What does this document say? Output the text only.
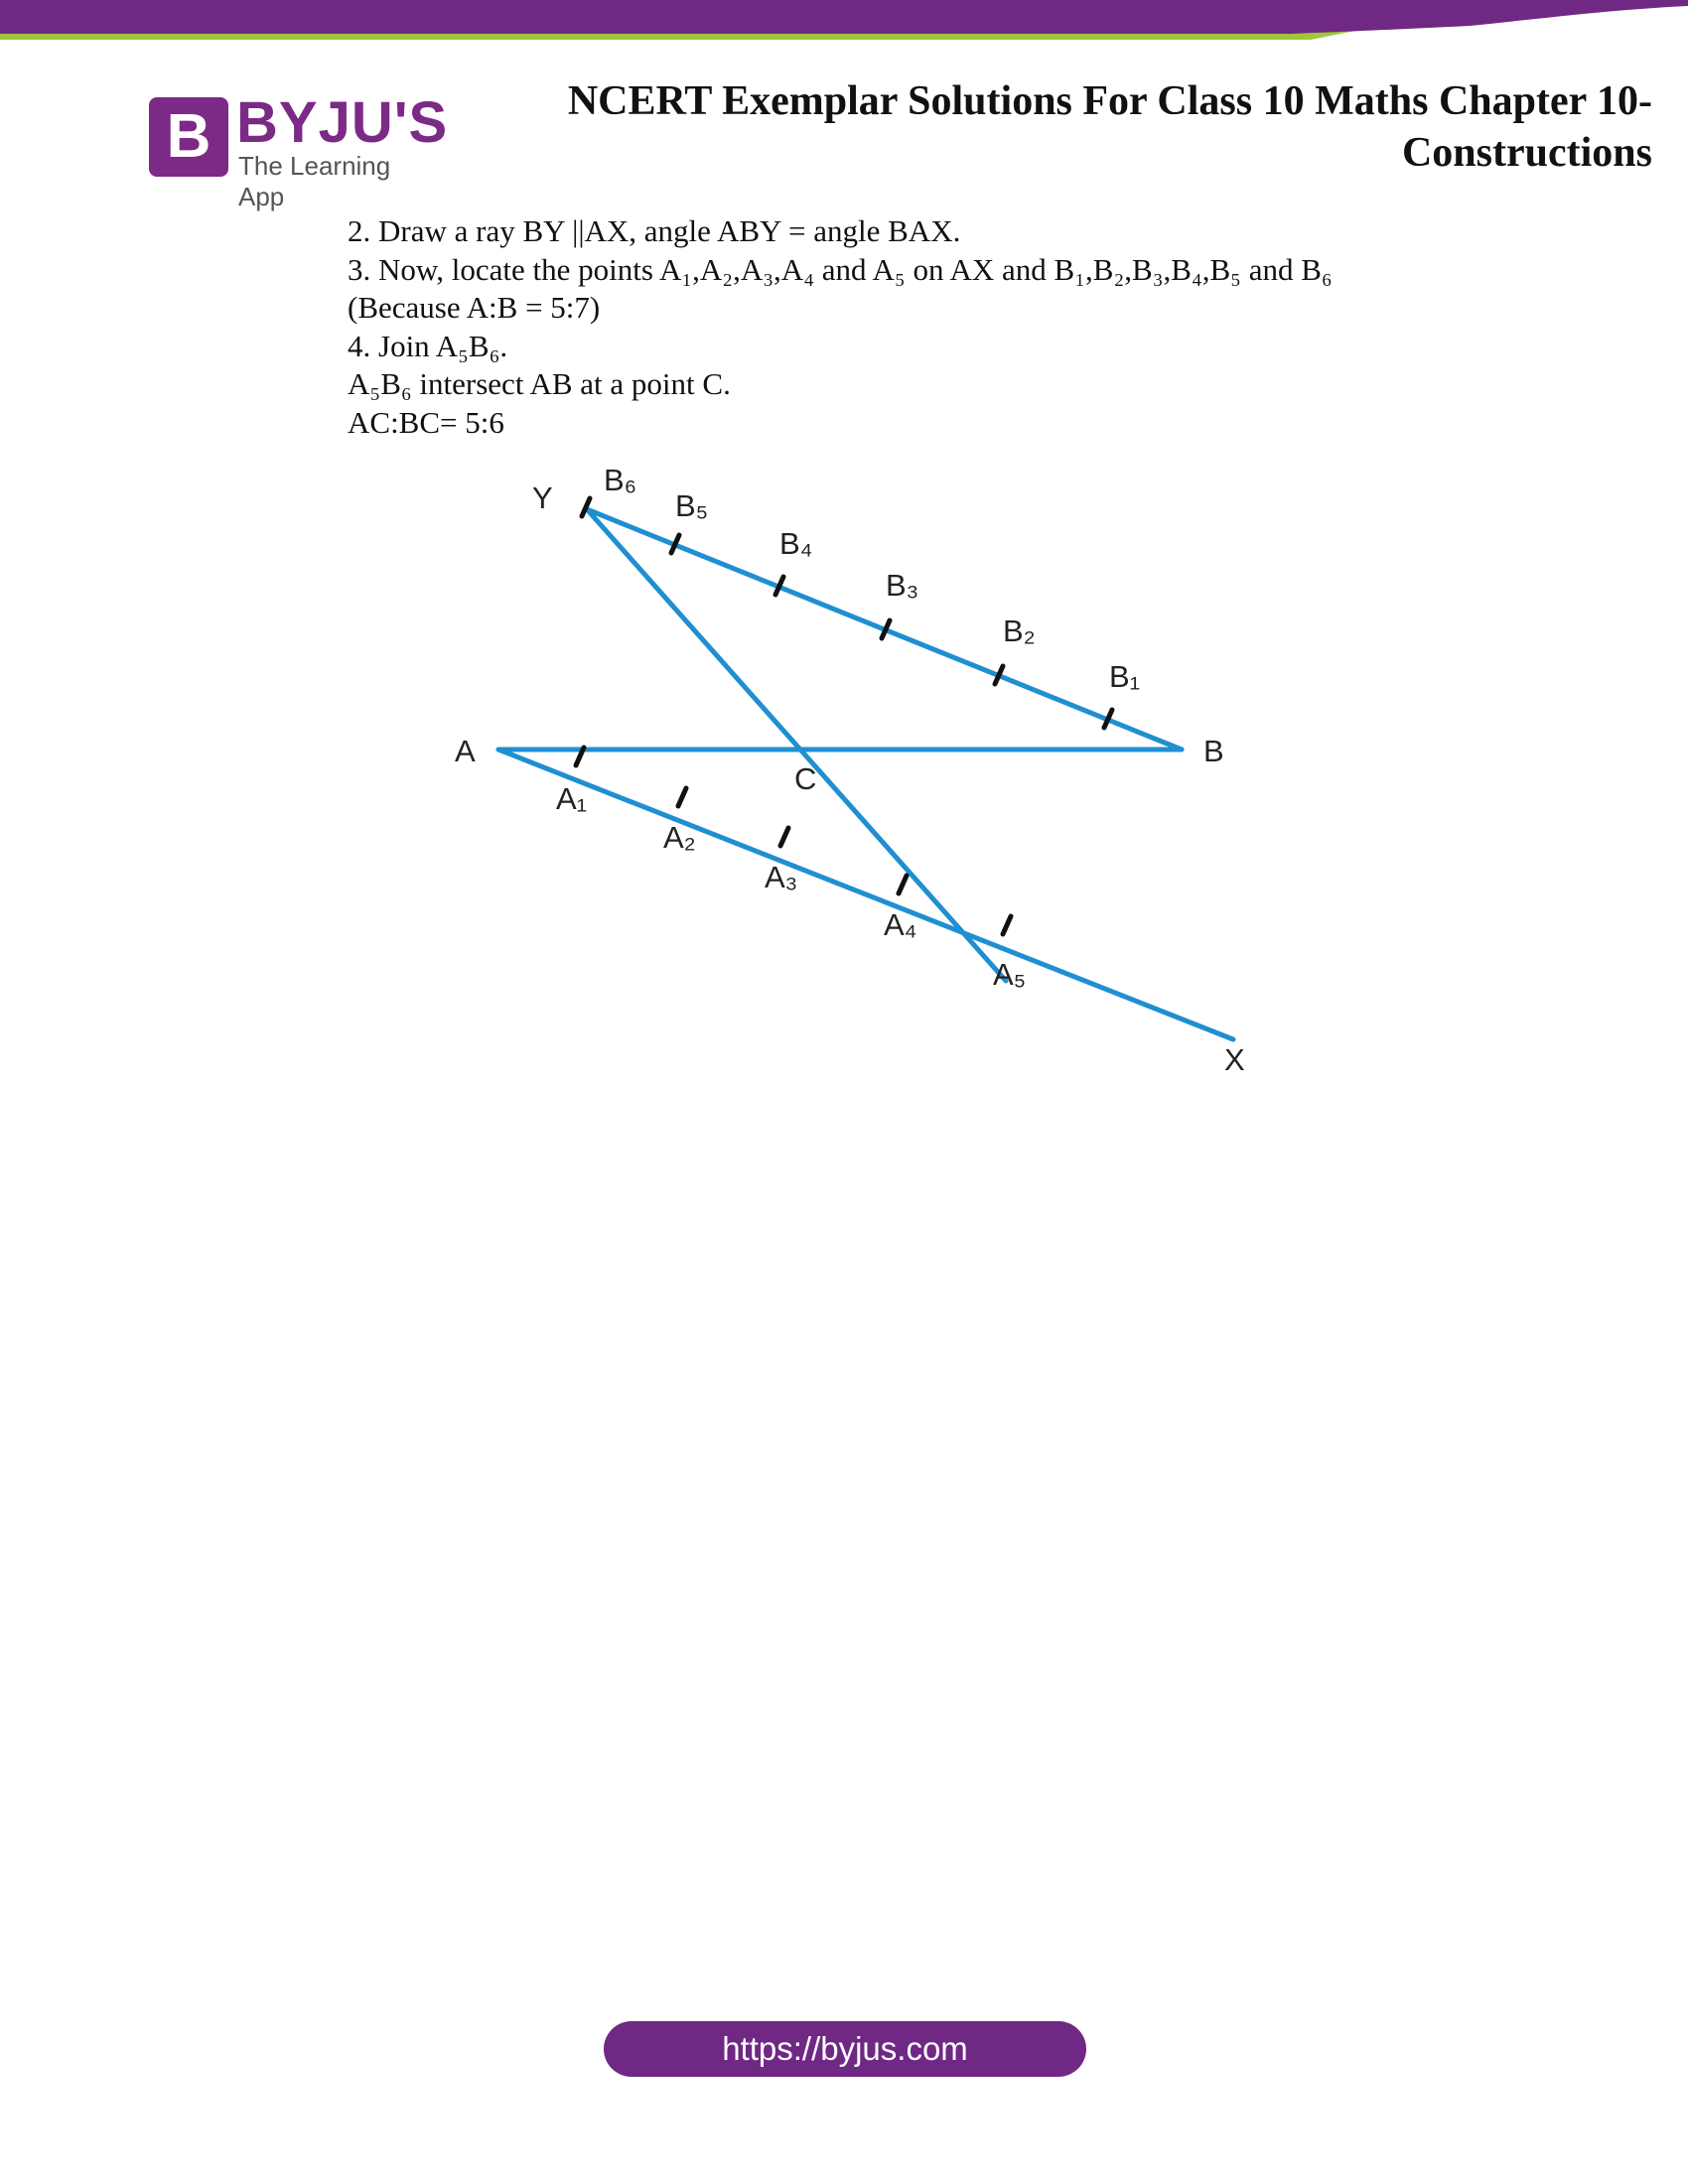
B BYJU'S
The Learning App
NCERT Exemplar Solutions For Class 10 Maths Chapter 10-
Constructions
2. Draw a ray BY ||AX, angle ABY = angle BAX.
3. Now, locate the points A₁,A₂,A₃,A₄ and A₅ on AX and B₁,B₂,B₃,B₄,B₅ and B₆
(Because A:B = 5:7)
4. Join A₅B₆.
A₅B₆ intersect AB at a point C.
AC:BC= 5:6
Y
B₆
B₅
B₄
B₃
B₂
B₁
A	B
C
A₁
A₂
A₃
A₄
A₅
X
https://byjus.com
